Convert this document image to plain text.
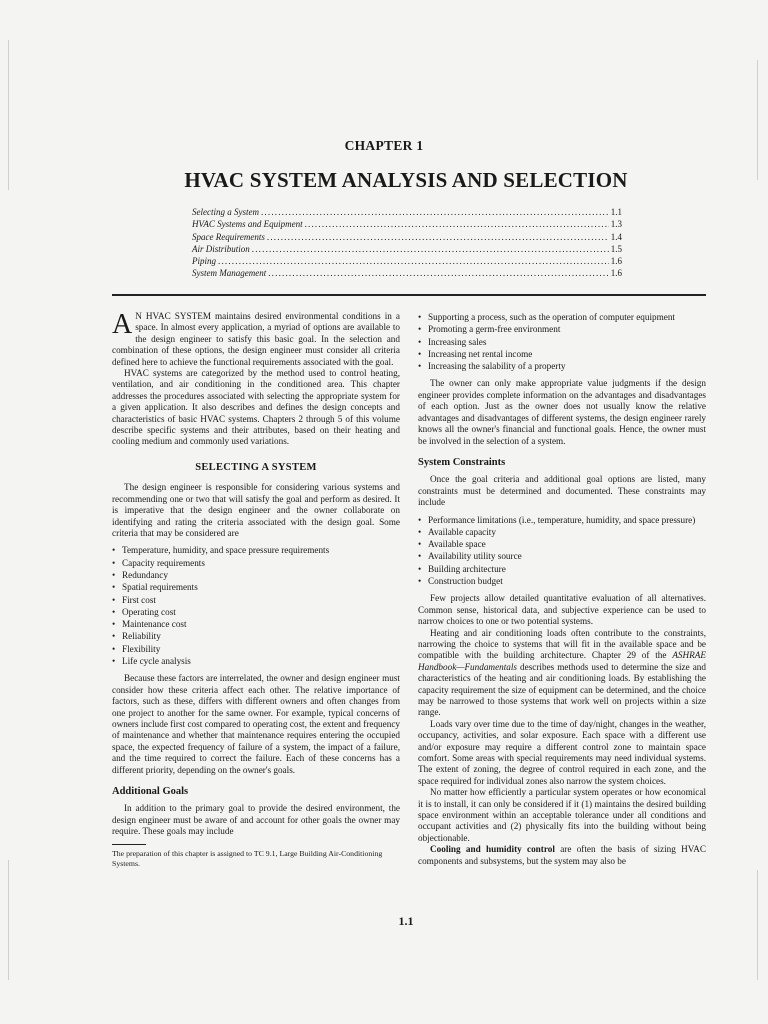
CHAPTER 1
HVAC SYSTEM ANALYSIS AND SELECTION
Selecting a System .....	1.1
HVAC Systems and Equipment .....	1.3
Space Requirements .....	1.4
Air Distribution .....	1.5
Piping .....	1.6
System Management .....	1.6

A N HVAC SYSTEM maintains desired environmental conditions in a space. In almost every application, a myriad of options are available to the design engineer to satisfy this basic goal. In the selection and combination of these options, the design engineer must consider all criteria defined here to achieve the functional requirements associated with the goal.

HVAC systems are categorized by the method used to control heating, ventilation, and air conditioning in the conditioned area. This chapter addresses the procedures associated with selecting the appropriate system for a given application. It also describes and defines the design concepts and characteristics of basic HVAC systems. Chapters 2 through 5 of this volume describe specific systems and their attributes, based on their heating and cooling medium and commonly used variations.

SELECTING A SYSTEM

The design engineer is responsible for considering various systems and recommending one or two that will satisfy the goal and perform as desired. It is imperative that the design engineer and the owner collaborate on identifying and rating the criteria associated with the design goal. Some criteria that may be considered are

• Temperature, humidity, and space pressure requirements
• Capacity requirements
• Redundancy
• Spatial requirements
• First cost
• Operating cost
• Maintenance cost
• Reliability
• Flexibility
• Life cycle analysis

Because these factors are interrelated, the owner and design engineer must consider how these criteria affect each other. The relative importance of factors, such as these, differs with different owners and often changes from one project to another for the same owner. For example, typical concerns of owners include first cost compared to operating cost, the extent and frequency of maintenance and whether that maintenance requires entering the occupied space, the expected frequency of failure of a system, the impact of a failure, and the time required to correct the failure. Each of these concerns has a different priority, depending on the owner's goals.

Additional Goals

In addition to the primary goal to provide the desired environment, the design engineer must be aware of and account for other goals the owner may require. These goals may include

The preparation of this chapter is assigned to TC 9.1, Large Building Air-Conditioning Systems.
• Supporting a process, such as the operation of computer equipment
• Promoting a germ-free environment
• Increasing sales
• Increasing net rental income
• Increasing the salability of a property

The owner can only make appropriate value judgments if the design engineer provides complete information on the advantages and disadvantages of each option. Just as the owner does not usually know the relative advantages and disadvantages of different systems, the design engineer rarely knows all the owner's financial and functional goals. Hence, the owner must be involved in the selection of a system.

System Constraints

Once the goal criteria and additional goal options are listed, many constraints must be determined and documented. These constraints may include

• Performance limitations (i.e., temperature, humidity, and space pressure)
• Available capacity
• Available space
• Availability utility source
• Building architecture
• Construction budget

Few projects allow detailed quantitative evaluation of all alternatives. Common sense, historical data, and subjective experience can be used to narrow choices to one or two potential systems.

Heating and air conditioning loads often contribute to the constraints, narrowing the choice to systems that will fit in the available space and be compatible with the building architecture. Chapter 29 of the ASHRAE Handbook—Fundamentals describes methods used to determine the size and characteristics of the heating and air conditioning loads. By establishing the capacity requirement the size of equipment can be determined, and the choice may be narrowed to those systems that work well on projects within a size range.

Loads vary over time due to the time of day/night, changes in the weather, occupancy, activities, and solar exposure. Each space with a different use and/or exposure may require a different control zone to maintain space comfort. Some areas with special requirements may need individual systems. The extent of zoning, the degree of control required in each zone, and the space required for individual zones also narrow the system choices.

No matter how efficiently a particular system operates or how economical it is to install, it can only be considered if it (1) maintains the desired building space environment within an acceptable tolerance under all conditions and occupant activities and (2) physically fits into the building without being objectionable.

Cooling and humidity control are often the basis of sizing HVAC components and subsystems, but the system may also be

1.1
